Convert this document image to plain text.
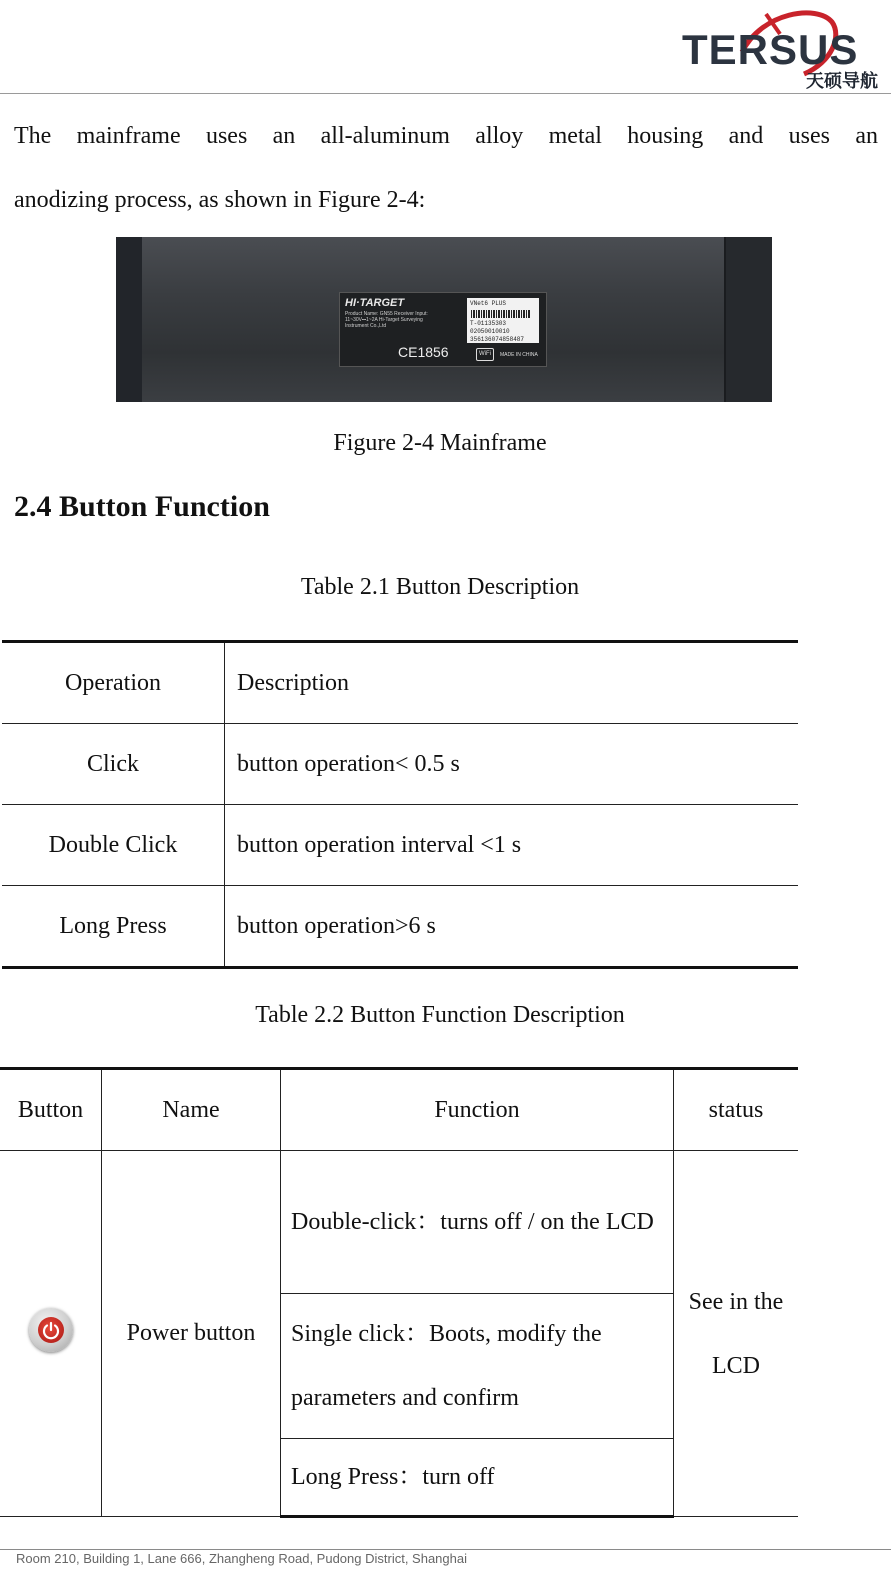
TERSUS
天硕导航
The mainframe uses an all-aluminum alloy metal housing and uses an
anodizing process, as shown in Figure 2-4:
HI·TARGET
Product Name: GN55 Receiver Input: 11~30V⎓1~2A Hi-Target Surveying Instrument Co.,Ltd
VNet6 PLUS
T-01135303
02050010010
356136074858487
CE1856	WiFi	MADE IN CHINA
Figure 2-4 Mainframe
2.4 Button Function
Table 2.1 Button Description
Operation	Description
Click	button operation< 0.5 s
Double Click	button operation interval <1 s
Long Press	button operation>6 s
Table 2.2 Button Function Description
Button	Name	Function	status

	Power button	Double-click：turns off / on the LCD	See in the LCD
		Single click：Boots, modify the parameters and confirm	
		Long Press：turn off	
Room 210, Building 1, Lane 666, Zhangheng Road, Pudong District, Shanghai
